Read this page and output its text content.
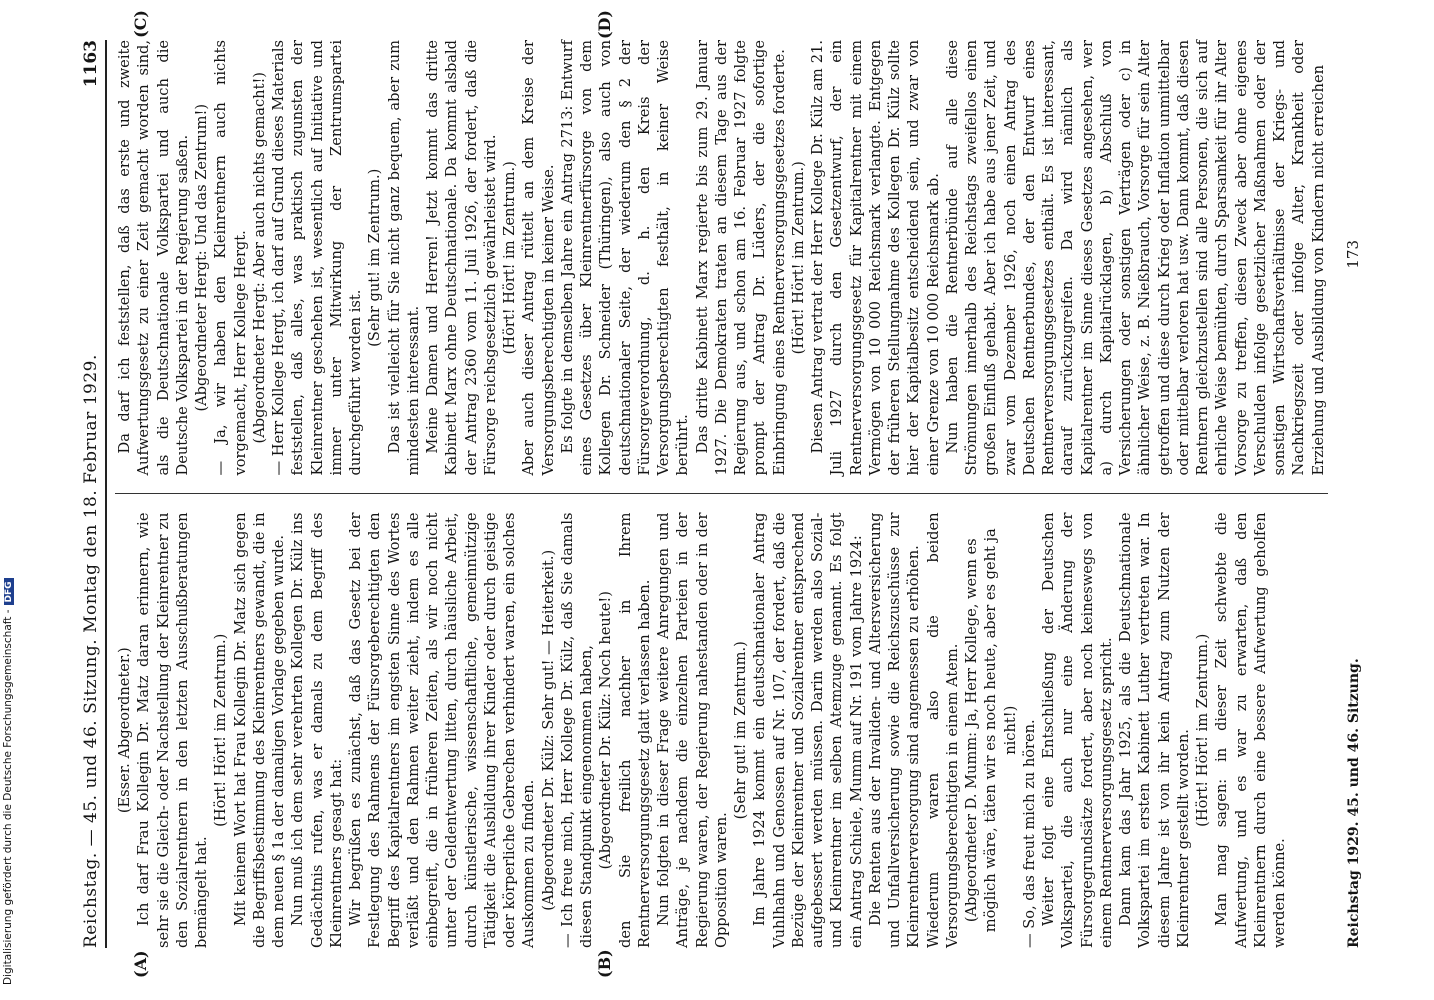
Reichstag. — 45. und 46. Sitzung. Montag den 18. Februar 1929.
1163
(A)	(B)
(C)	(D)

(Esser. Abgeordneter.) Ich darf Frau Kollegin Dr. Matz daran erinnern, wie sehr sie die Gleich- oder Nachstellung der Kleinrentner zu den Sozialrentnern in den letzten Ausschußberatungen bemängelt hat.

(Hört! Hört! im Zentrum.) Mit keinem Wort hat Frau Kollegin Dr. Matz sich gegen die Begriffsbestimmung des Kleinrentners gewandt, die in dem neuen § 1a der damaligen Vorlage gegeben wurde. Nun muß ich dem sehr verehrten Kollegen Dr. Külz ins Gedächtnis rufen, was er damals zu dem Begriff des Kleinrentners gesagt hat: Wir begrüßen es zunächst, daß das Gesetz bei der Festlegung des Rahmens der Fürsorgeberechtigten den Begriff des Kapitalrentners im engsten Sinne des Wortes verläßt und den Rahmen weiter zieht, indem es alle einbegreift, die in früheren Zeiten, als wir noch nicht unter der Geldentwertung litten, durch häusliche Arbeit, durch künstlerische, wissenschaftliche, gemeinnützige Tätigkeit die Ausbildung ihrer Kinder oder durch geistige oder körperliche Gebrechen verhindert waren, ein solches Auskommen zu finden. (Abgeordneter Dr. Külz: Sehr gut! — Heiterkeit.) — Ich freue mich, Herr Kollege Dr. Külz, daß Sie damals diesen Standpunkt eingenommen haben, (Abgeordneter Dr. Külz: Noch heute!) den Sie freilich nachher in Ihrem Rentnerversorgungsgesetz glatt verlassen haben. Nun folgten in dieser Frage weitere Anregungen und Anträge, je nachdem die einzelnen Parteien in der Regierung waren, der Regierung nahestanden oder in der Opposition waren.

(Sehr gut! im Zentrum.) Im Jahre 1924 kommt ein deutschnationaler Antrag Vuhlhahn und Genossen auf Nr. 107, der fordert, daß die Bezüge der Kleinrentner und Sozialrentner entsprechend aufgebessert werden müssen. Darin werden also Sozial- und Kleinrentner im selben Atemzuge genannt. Es folgt ein Antrag Schiele, Mumm auf Nr. 191 vom Jahre 1924: Die Renten aus der Invaliden- und Altersversicherung und Unfallversicherung sowie die Reichszuschüsse zur Kleinrentnerversorgung sind angemessen zu erhöhen. Wiederum waren also die beiden Versorgungsberechtigten in einem Atem. (Abgeordneter D. Mumm: Ja, Herr Kollege, wenn es möglich wäre, täten wir es noch heute, aber es geht ja nicht!) — So, das freut mich zu hören. Weiter folgt eine Entschließung der Deutschen Volkspartei, die auch nur eine Änderung der Fürsorgegrundsätze fordert, aber noch keineswegs von einem Rentnerversorgungsgesetz spricht. Dann kam das Jahr 1925, als die Deutschnationale Volkspartei im ersten Kabinett Luther vertreten war. In diesem Jahre ist von ihr kein Antrag zum Nutzen der Kleinrentner gestellt worden. (Hört! Hört! im Zentrum.) Man mag sagen: in dieser Zeit schwebte die Aufwertung, und es war zu erwarten, daß den Kleinrentnern durch eine bessere Aufwertung geholfen werden könne.

Da darf ich feststellen, daß das erste und zweite Aufwertungsgesetz zu einer Zeit gemacht worden sind, als die Deutschnationale Volkspartei und auch die Deutsche Volkspartei in der Regierung saßen. (Abgeordneter Hergt: Und das Zentrum!) — Ja, wir haben den Kleinrentnern auch nichts vorgemacht, Herr Kollege Hergt. (Abgeordneter Hergt: Aber auch nichts gemacht!) — Herr Kollege Hergt, ich darf auf Grund dieses Materials feststellen, daß alles, was praktisch zugunsten der Kleinrentner geschehen ist, wesentlich auf Initiative und immer unter Mitwirkung der Zentrumspartei durchgeführt worden ist.

(Sehr gut! im Zentrum.) Das ist vielleicht für Sie nicht ganz bequem, aber zum mindesten interessant. Meine Damen und Herren! Jetzt kommt das dritte Kabinett Marx ohne Deutschnationale. Da kommt alsbald der Antrag 2360 vom 11. Juli 1926, der fordert, daß die Fürsorge reichsgesetzlich gewährleistet wird. (Hört! Hört! im Zentrum.) Aber auch dieser Antrag rüttelt an dem Kreise der Versorgungsberechtigten in keiner Weise. Es folgte in demselben Jahre ein Antrag 2713: Entwurf eines Gesetzes über Kleinrentnerfürsorge von dem Kollegen Dr. Schneider (Thüringen), also auch von deutschnationaler Seite, der wiederum den § 2 der Fürsorgeverordnung, d. h. den Kreis der Versorgungsberechtigten festhält, in keiner Weise berührt. Das dritte Kabinett Marx regierte bis zum 29. Januar 1927. Die Demokraten traten an diesem Tage aus der Regierung aus, und schon am 16. Februar 1927 folgte prompt der Antrag Dr. Lüders, der die sofortige Einbringung eines Rentnerversorgungsgesetzes forderte. (Hört! Hört! im Zentrum.) Diesen Antrag vertrat der Herr Kollege Dr. Külz am 21. Juli 1927 durch den Gesetzentwurf, der ein Rentnerversorgungsgesetz für Kapitalrentner mit einem Vermögen von 10 000 Reichsmark verlangte. Entgegen der früheren Stellungnahme des Kollegen Dr. Külz sollte hier der Kapitalbesitz entscheidend sein, und zwar von einer Grenze von 10 000 Reichsmark ab. Nun haben die Rentnerbünde auf alle diese Strömungen innerhalb des Reichstags zweifellos einen großen Einfluß gehabt. Aber ich habe aus jener Zeit, und zwar vom Dezember 1926, noch einen Antrag des Deutschen Rentnerbundes, der den Entwurf eines Rentnerversorgungsgesetzes enthält. Es ist interessant, darauf zurückzugreifen. Da wird nämlich als Kapitalrentner im Sinne dieses Gesetzes angesehen, wer a) durch Kapitalrücklagen, b) Abschluß von Versicherungen oder sonstigen Verträgen oder c) in ähnlicher Weise, z. B. Nießbrauch, Vorsorge für sein Alter getroffen und diese durch Krieg oder Inflation unmittelbar oder mittelbar verloren hat usw. Dann kommt, daß diesen Rentnern gleichzustellen sind alle Personen, die sich auf ehrliche Weise bemühten, durch Sparsamkeit für ihr Alter Vorsorge zu treffen, diesen Zweck aber ohne eigenes Verschulden infolge gesetzlicher Maßnahmen oder der sonstigen Wirtschaftsverhältnisse der Kriegs- und Nachkriegszeit oder infolge Alter, Krankheit oder Erziehung und Ausbildung von Kindern nicht erreichen

Reichstag 1929. 45. und 46. Sitzung.
173
Digitalisierung gefördert durch die Deutsche Forschungsgemeinschaft -DFG
